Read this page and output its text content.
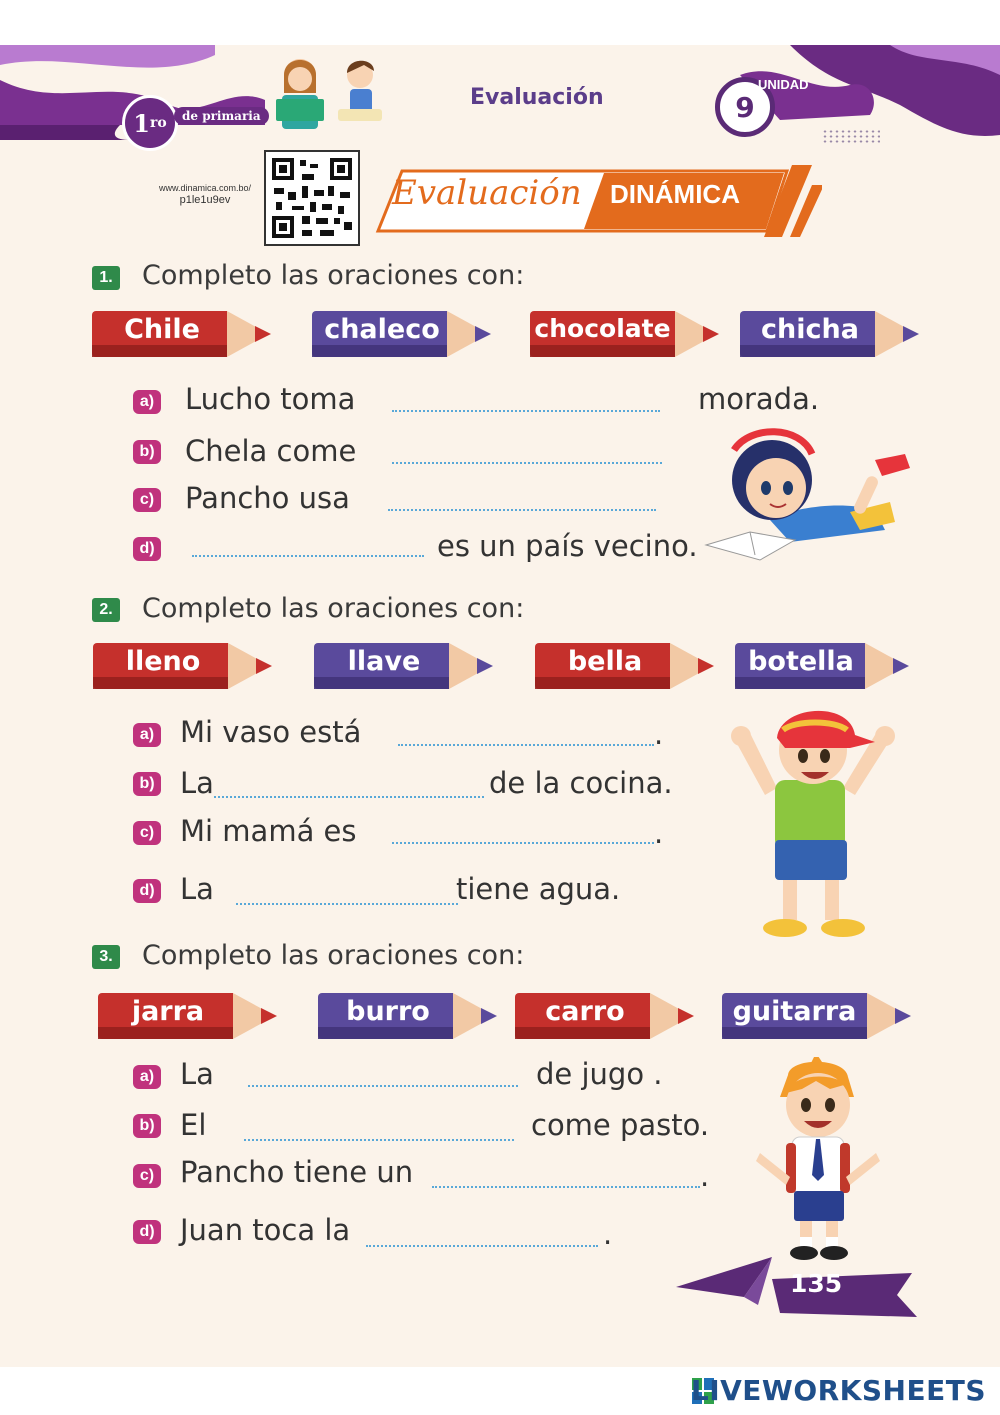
1 ro	de primaria
Evaluación	9
UNIDAD
www.dinamica.com.bo/
p1le1u9ev	Evaluación DINÁMICA
1. Completo las oraciones con:
Chile	chaleco	chocolate	chicha
a) Lucho toma	morada.
b) Chela come
c) Pancho usa
d)	es un país vecino.
2. Completo las oraciones con:
lleno	llave	bella	botella
a) Mi vaso está	.
b) La	de la cocina.
c) Mi mamá es	.
d) La	tiene agua.
3. Completo las oraciones con:
jarra	burro	carro	guitarra
a) La	de jugo .
b) El	come pasto.
c) Pancho tiene un	.
d) Juan toca la	.
135
LIVEWORKSHEETS
